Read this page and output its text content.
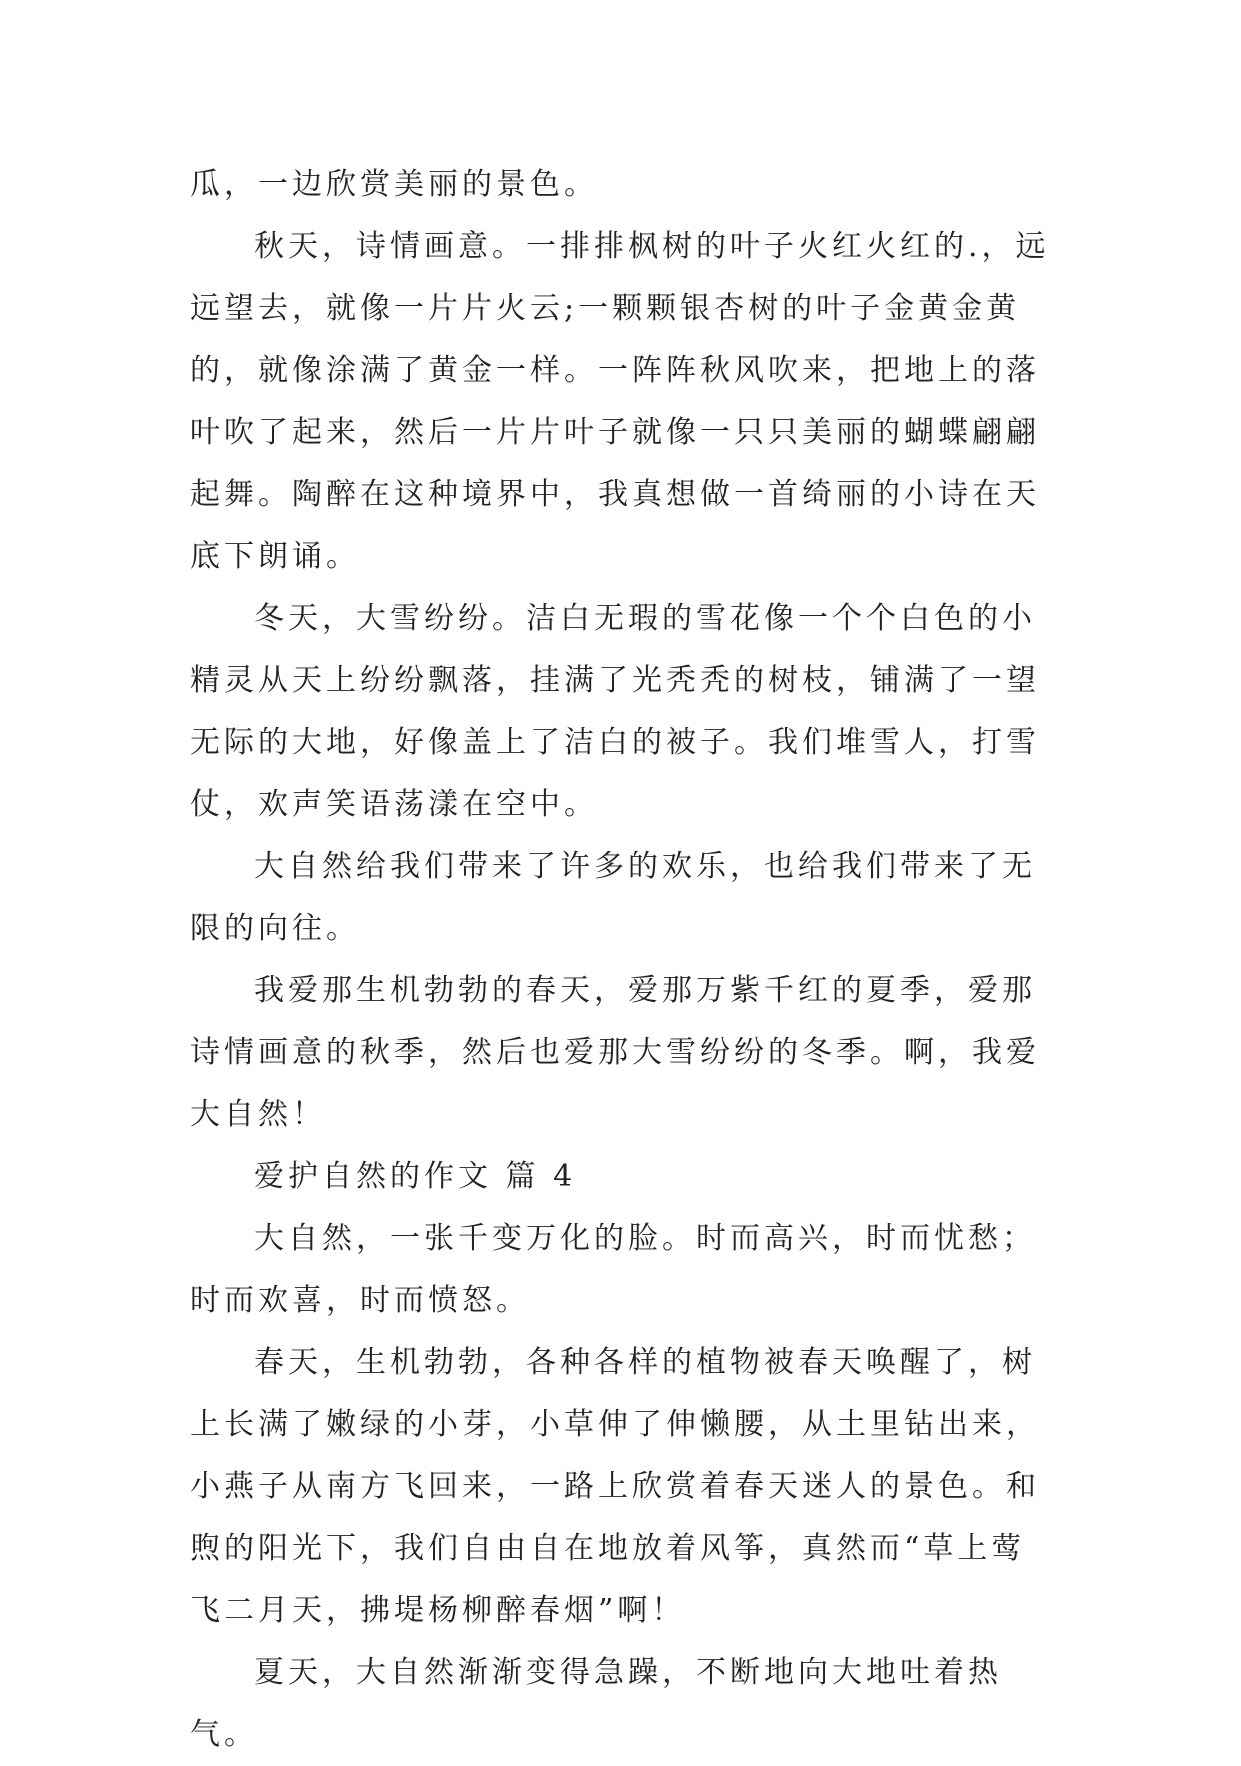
瓜，一边欣赏美丽的景色。

秋天，诗情画意。一排排枫树的叶子火红火红的.，远远望去，就像一片片火云;一颗颗银杏树的叶子金黄金黄的，就像涂满了黄金一样。一阵阵秋风吹来，把地上的落叶吹了起来，然后一片片叶子就像一只只美丽的蝴蝶翩翩起舞。陶醉在这种境界中，我真想做一首绮丽的小诗在天底下朗诵。

冬天，大雪纷纷。洁白无瑕的雪花像一个个白色的小精灵从天上纷纷飘落，挂满了光秃秃的树枝，铺满了一望无际的大地，好像盖上了洁白的被子。我们堆雪人，打雪仗，欢声笑语荡漾在空中。

大自然给我们带来了许多的欢乐，也给我们带来了无限的向往。

我爱那生机勃勃的春天，爱那万紫千红的夏季，爱那诗情画意的秋季，然后也爱那大雪纷纷的冬季。啊，我爱大自然！

爱护自然的作文 篇 4

大自然，一张千变万化的脸。时而高兴，时而忧愁；时而欢喜，时而愤怒。

春天，生机勃勃，各种各样的植物被春天唤醒了，树上长满了嫩绿的小芽，小草伸了伸懒腰，从土里钻出来，小燕子从南方飞回来，一路上欣赏着春天迷人的景色。和煦的阳光下，我们自由自在地放着风筝，真然而“草上莺飞二月天，拂堤杨柳醉春烟”啊！

夏天，大自然渐渐变得急躁，不断地向大地吐着热气。
